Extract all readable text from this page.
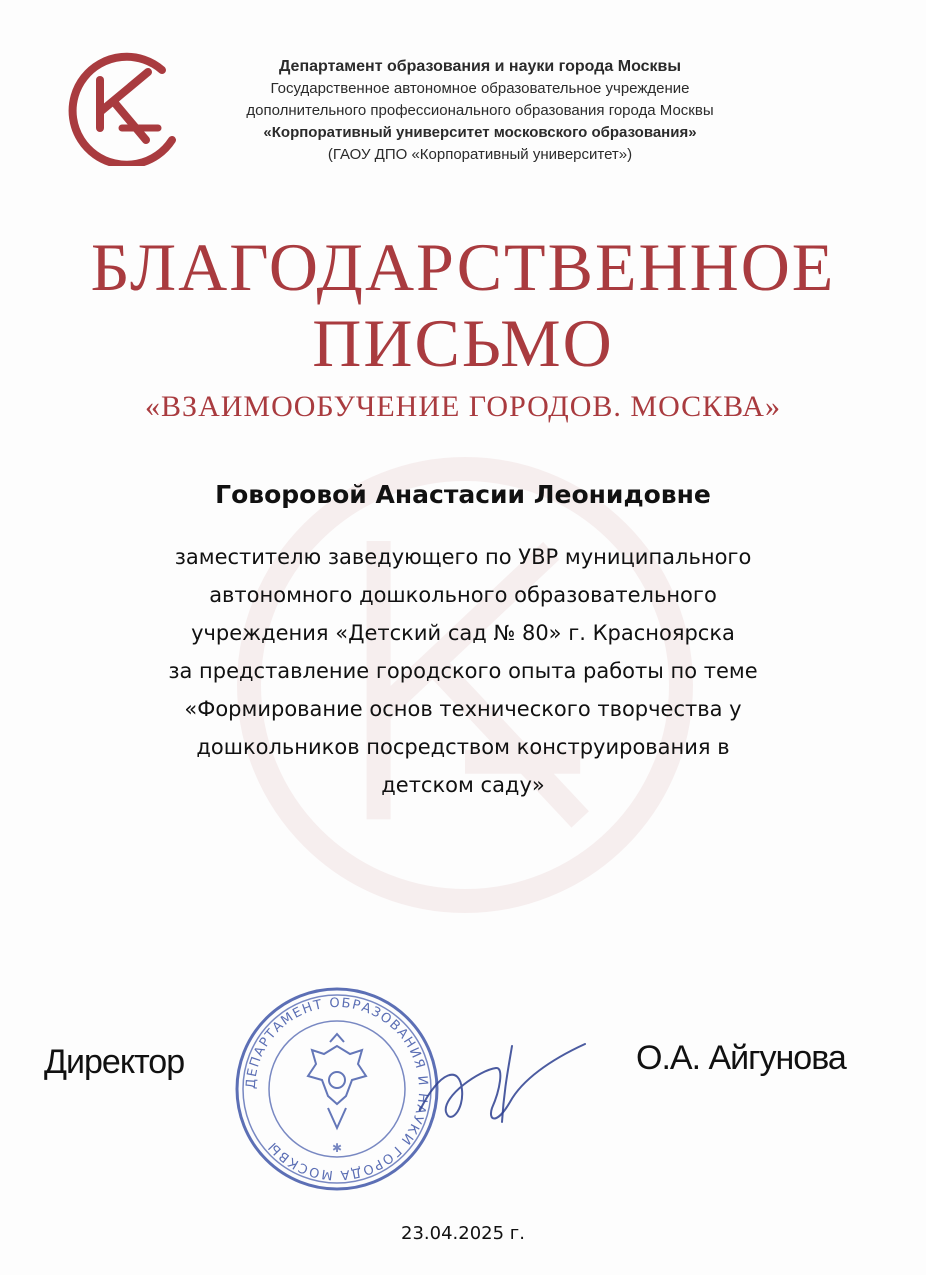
Департамент образования и науки города Москвы
Государственное автономное образовательное учреждение
дополнительного профессионального образования города Москвы
«Корпоративный университет московского образования»
(ГАОУ ДПО «Корпоративный университет»)
БЛАГОДАРСТВЕННОЕ
ПИСЬМО
«ВЗАИМООБУЧЕНИЕ ГОРОДОВ. МОСКВА»
Говоровой Анастасии Леонидовне
заместителю заведующего по УВР муниципального
автономного дошкольного образовательного
учреждения «Детский сад № 80» г. Красноярска
за представление городского опыта работы по теме
«Формирование основ технического творчества у
дошкольников посредством конструирования в
детском саду»
Директор
ДЕПАРТАМЕНТ ОБРАЗОВАНИЯ И НАУКИ ГОРОДА МОСКВЫ	✱
О.А. Айгунова
23.04.2025 г.
